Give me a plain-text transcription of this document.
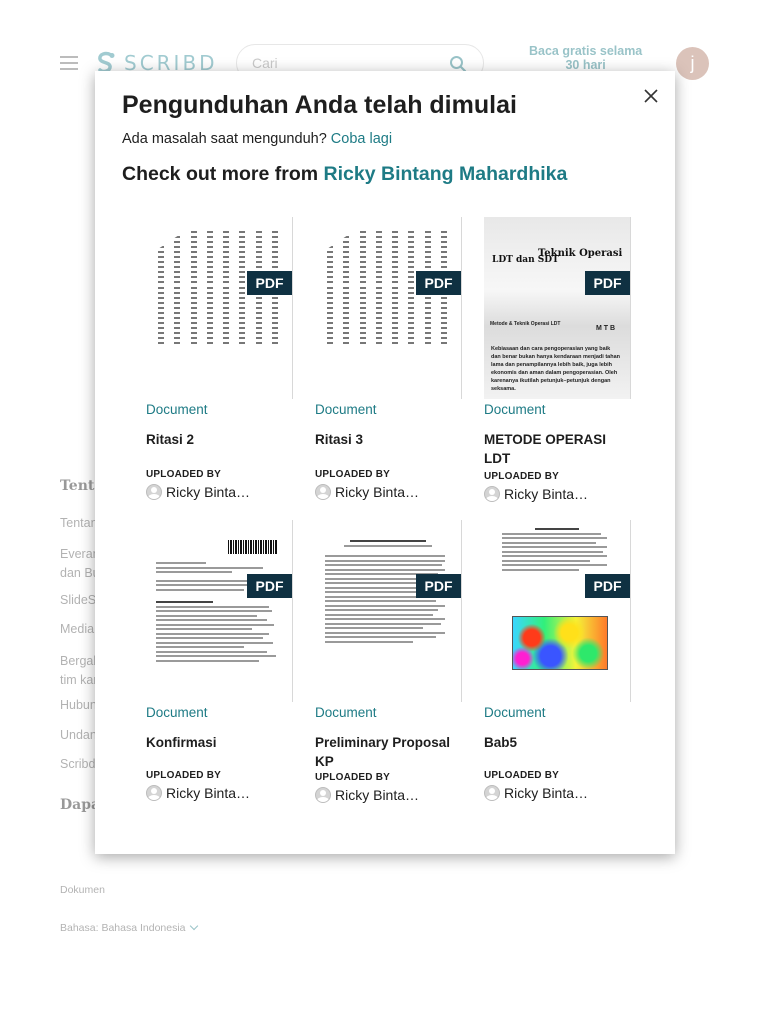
Pengunduhan Anda telah dimulai
Ada masalah saat mengunduh? Coba lagi
Check out more from Ricky Bintang Mahardhika
PDF
Document
Ritasi 2
UPLOADED BY
Ricky Binta…
PDF
Document
Ritasi 3
UPLOADED BY
Ricky Binta…
Teknik Operasi
LDT dan SDT
Metode & Teknik Operasi LDT
M T B
Kebiasaan dan cara pengoperasian yang baik dan benar bukan hanya kendaraan menjadi tahan lama dan penampilannya lebih baik, juga lebih ekonomis dan aman dalam pengoperasian. Oleh karenanya ikutilah petunjuk–petunjuk dengan seksama.
PDF
Document
METODE OPERASI LDT
UPLOADED BY
Ricky Binta…
PDF
Document
Konfirmasi
UPLOADED BY
Ricky Binta…
PDF
Document
Preliminary Proposal KP
UPLOADED BY
Ricky Binta…
PDF
Document
Bab5
UPLOADED BY
Ricky Binta…
